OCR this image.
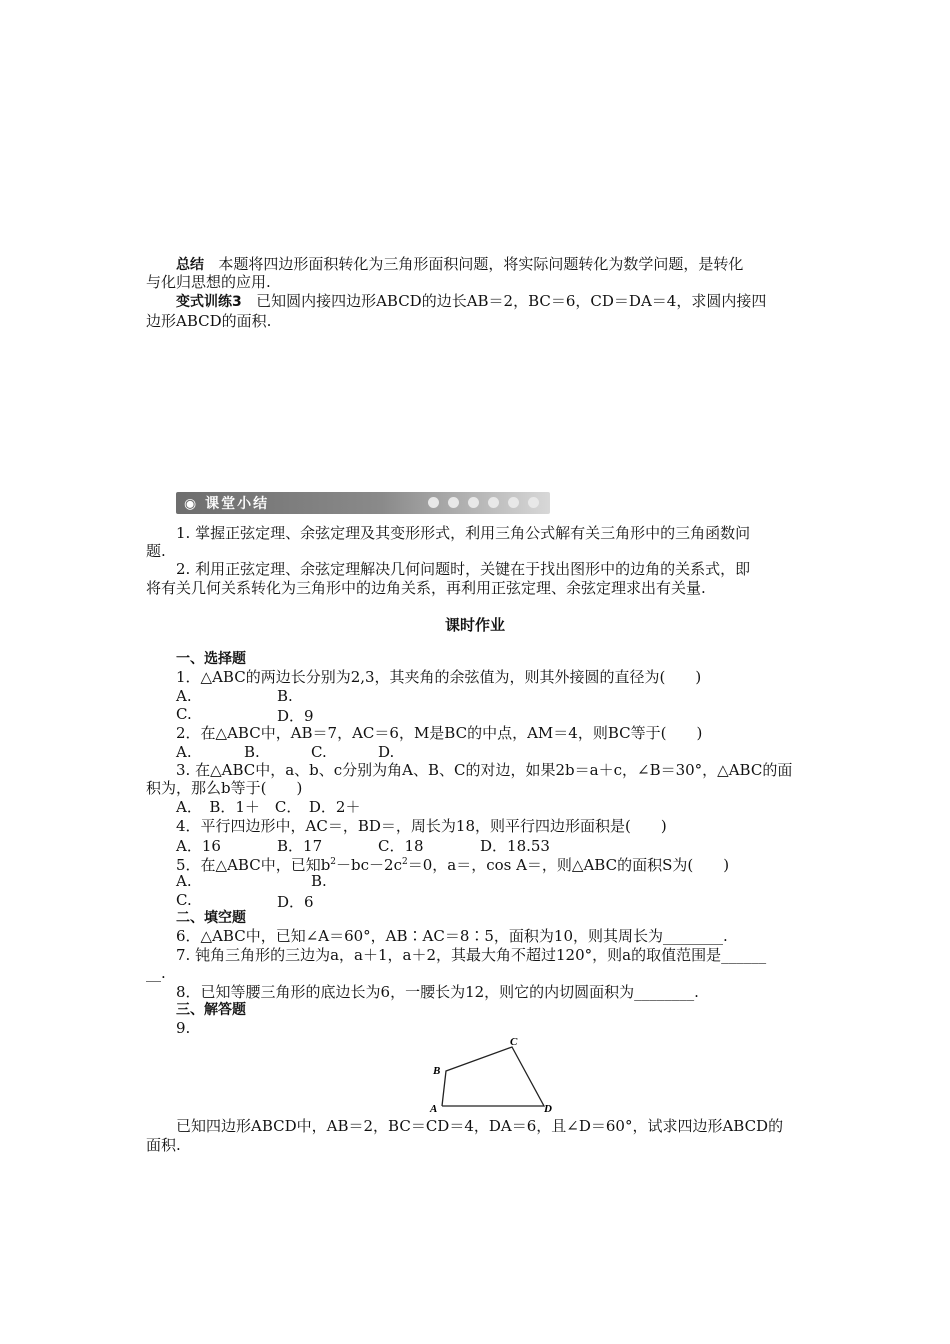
总结 本题将四边形面积转化为三角形面积问题，将实际问题转化为数学问题，是转化
与化归思想的应用.
变式训练3 已知圆内接四边形ABCD的边长AB＝2，BC＝6，CD＝DA＝4，求圆内接四
边形ABCD的面积.
◉ 课堂小结
1. 掌握正弦定理、余弦定理及其变形形式，利用三角公式解有关三角形中的三角函数问
题.
2. 利用正弦定理、余弦定理解决几何问题时，关键在于找出图形中的边角的关系式，即
将有关几何关系转化为三角形中的边角关系，再利用正弦定理、余弦定理求出有关量.
课时作业
一、选择题
1．△ABC的两边长分别为2,3，其夹角的余弦值为，则其外接圆的直径为(　　)
A.	B.
C.	D．9
2．在△ABC中，AB＝7，AC＝6，M是BC的中点，AM＝4，则BC等于(　　)
A.	B.	C.	D.
3. 在△ABC中，a、b、c分别为角A、B、C的对边，如果2b＝a＋c，∠B＝30°，△ABC的面
积为，那么b等于(　　)
A．　B．1＋　C．　D．2＋
4．平行四边形中，AC＝，BD＝，周长为18，则平行四边形面积是(　　)
A．16	B．17	C．18	D．18.53
5．在△ABC中，已知$b^2-bc-2c^2=0$，a＝，cos A＝，则△ABC的面积S为(　　)
A.	B.
C.	D．6
二、填空题
6．△ABC中，已知∠A＝60°，AB∶AC＝8∶5，面积为10，则其周长为________.
7. 钝角三角形的三边为a，a＋1，a＋2，其最大角不超过120°，则a的取值范围是______
__.
8．已知等腰三角形的底边长为6，一腰长为12，则它的内切圆面积为________.
三、解答题
9.
A
B
C
D
已知四边形ABCD中，AB＝2，BC＝CD＝4，DA＝6，且∠D＝60°，试求四边形ABCD的
面积.
